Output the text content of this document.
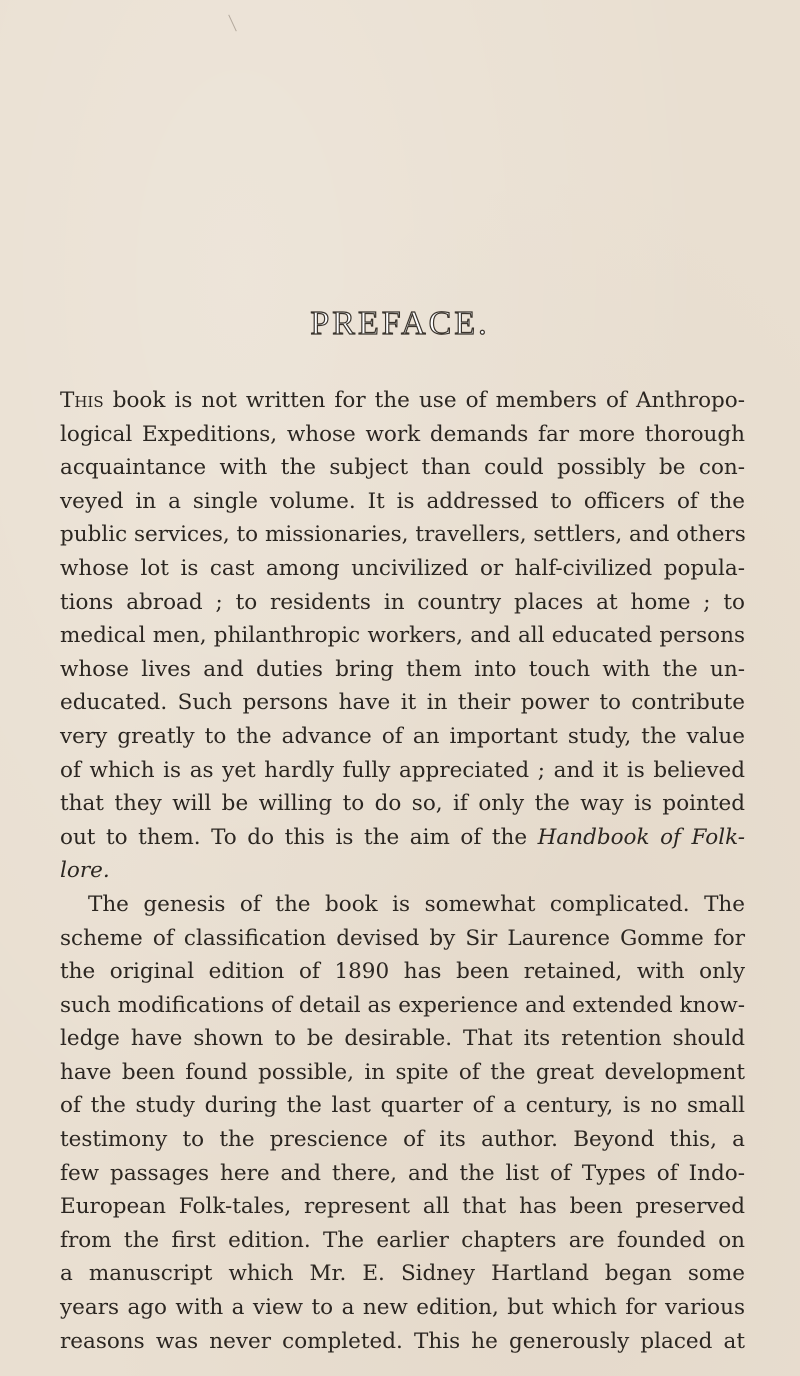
PREFACE.
This book is not written for the use of members of Anthropo-
logical Expeditions, whose work demands far more thorough
acquaintance with the subject than could possibly be con-
veyed in a single volume. It is addressed to officers of the
public services, to missionaries, travellers, settlers, and others
whose lot is cast among uncivilized or half-civilized popula-
tions abroad ; to residents in country places at home ; to
medical men, philanthropic workers, and all educated persons
whose lives and duties bring them into touch with the un-
educated. Such persons have it in their power to contribute
very greatly to the advance of an important study, the value
of which is as yet hardly fully appreciated ; and it is believed
that they will be willing to do so, if only the way is pointed
out to them. To do this is the aim of the Handbook of Folk-
lore.
The genesis of the book is somewhat complicated. The
scheme of classification devised by Sir Laurence Gomme for
the original edition of 1890 has been retained, with only
such modifications of detail as experience and extended know-
ledge have shown to be desirable. That its retention should
have been found possible, in spite of the great development
of the study during the last quarter of a century, is no small
testimony to the prescience of its author. Beyond this, a
few passages here and there, and the list of Types of Indo-
European Folk-tales, represent all that has been preserved
from the first edition. The earlier chapters are founded on
a manuscript which Mr. E. Sidney Hartland began some
years ago with a view to a new edition, but which for various
reasons was never completed. This he generously placed at
